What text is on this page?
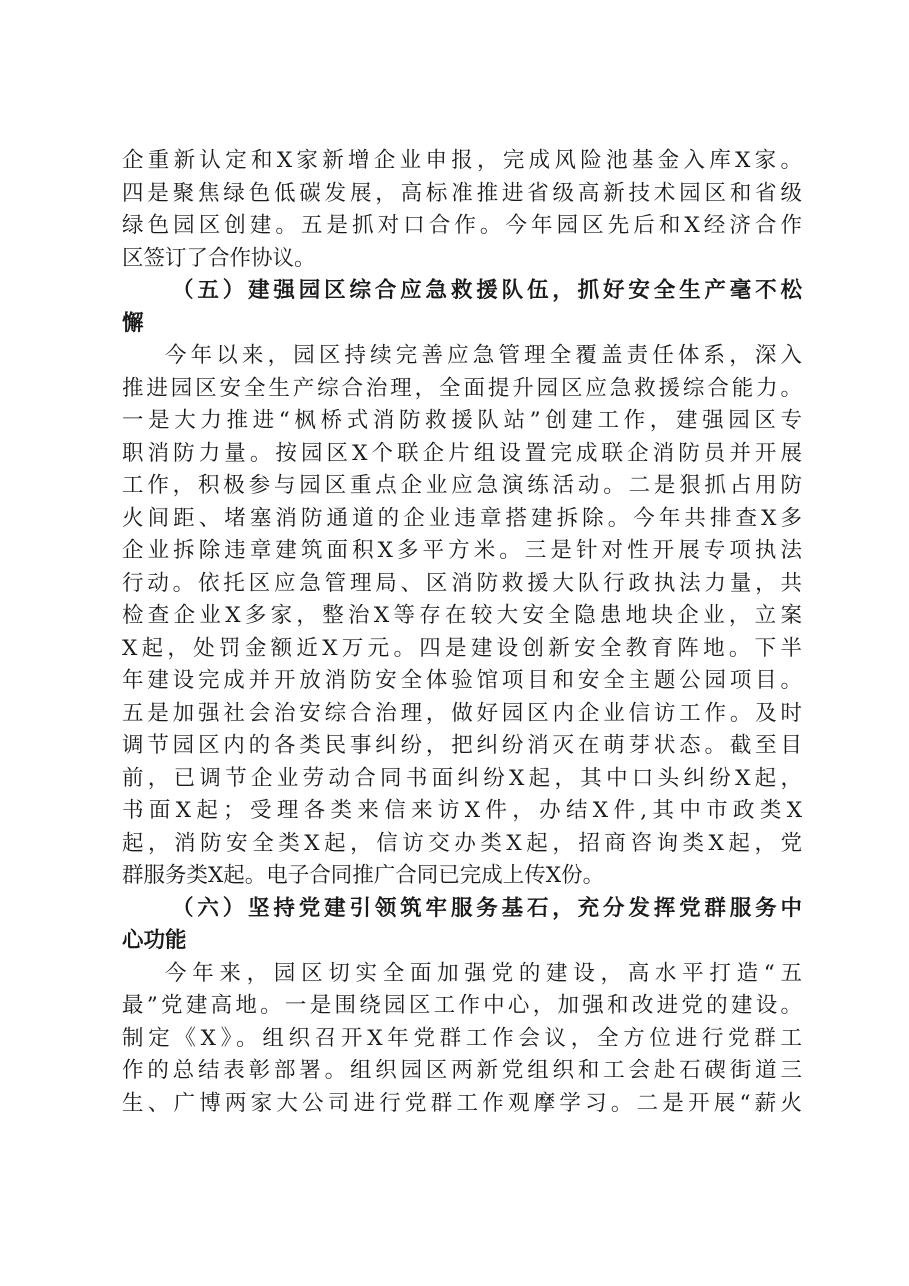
企重新认定和X家新增企业申报，完成风险池基金入库X家。
四是聚焦绿色低碳发展，高标准推进省级高新技术园区和省级
绿色园区创建。五是抓对口合作。今年园区先后和X经济合作
区签订了合作协议。
（五）建强园区综合应急救援队伍，抓好安全生产毫不松
懈
今年以来，园区持续完善应急管理全覆盖责任体系，深入
推进园区安全生产综合治理，全面提升园区应急救援综合能力。
一是大力推进“枫桥式消防救援队站”创建工作，建强园区专
职消防力量。按园区X个联企片组设置完成联企消防员并开展
工作，积极参与园区重点企业应急演练活动。二是狠抓占用防
火间距、堵塞消防通道的企业违章搭建拆除。今年共排查X多
企业拆除违章建筑面积X多平方米。三是针对性开展专项执法
行动。依托区应急管理局、区消防救援大队行政执法力量，共
检查企业X多家，整治X等存在较大安全隐患地块企业，立案
X起，处罚金额近X万元。四是建设创新安全教育阵地。下半
年建设完成并开放消防安全体验馆项目和安全主题公园项目。
五是加强社会治安综合治理，做好园区内企业信访工作。及时
调节园区内的各类民事纠纷，把纠纷消灭在萌芽状态。截至目
前，已调节企业劳动合同书面纠纷X起，其中口头纠纷X起，
书面X起；受理各类来信来访X件，办结X件,其中市政类X
起，消防安全类X起，信访交办类X起，招商咨询类X起，党
群服务类X起。电子合同推广合同已完成上传X份。
（六）坚持党建引领筑牢服务基石，充分发挥党群服务中
心功能
今年来，园区切实全面加强党的建设，高水平打造“五
最”党建高地。一是围绕园区工作中心，加强和改进党的建设。
制定《X》。组织召开X年党群工作会议，全方位进行党群工
作的总结表彰部署。组织园区两新党组织和工会赴石碶街道三
生、广博两家大公司进行党群工作观摩学习。二是开展“薪火
